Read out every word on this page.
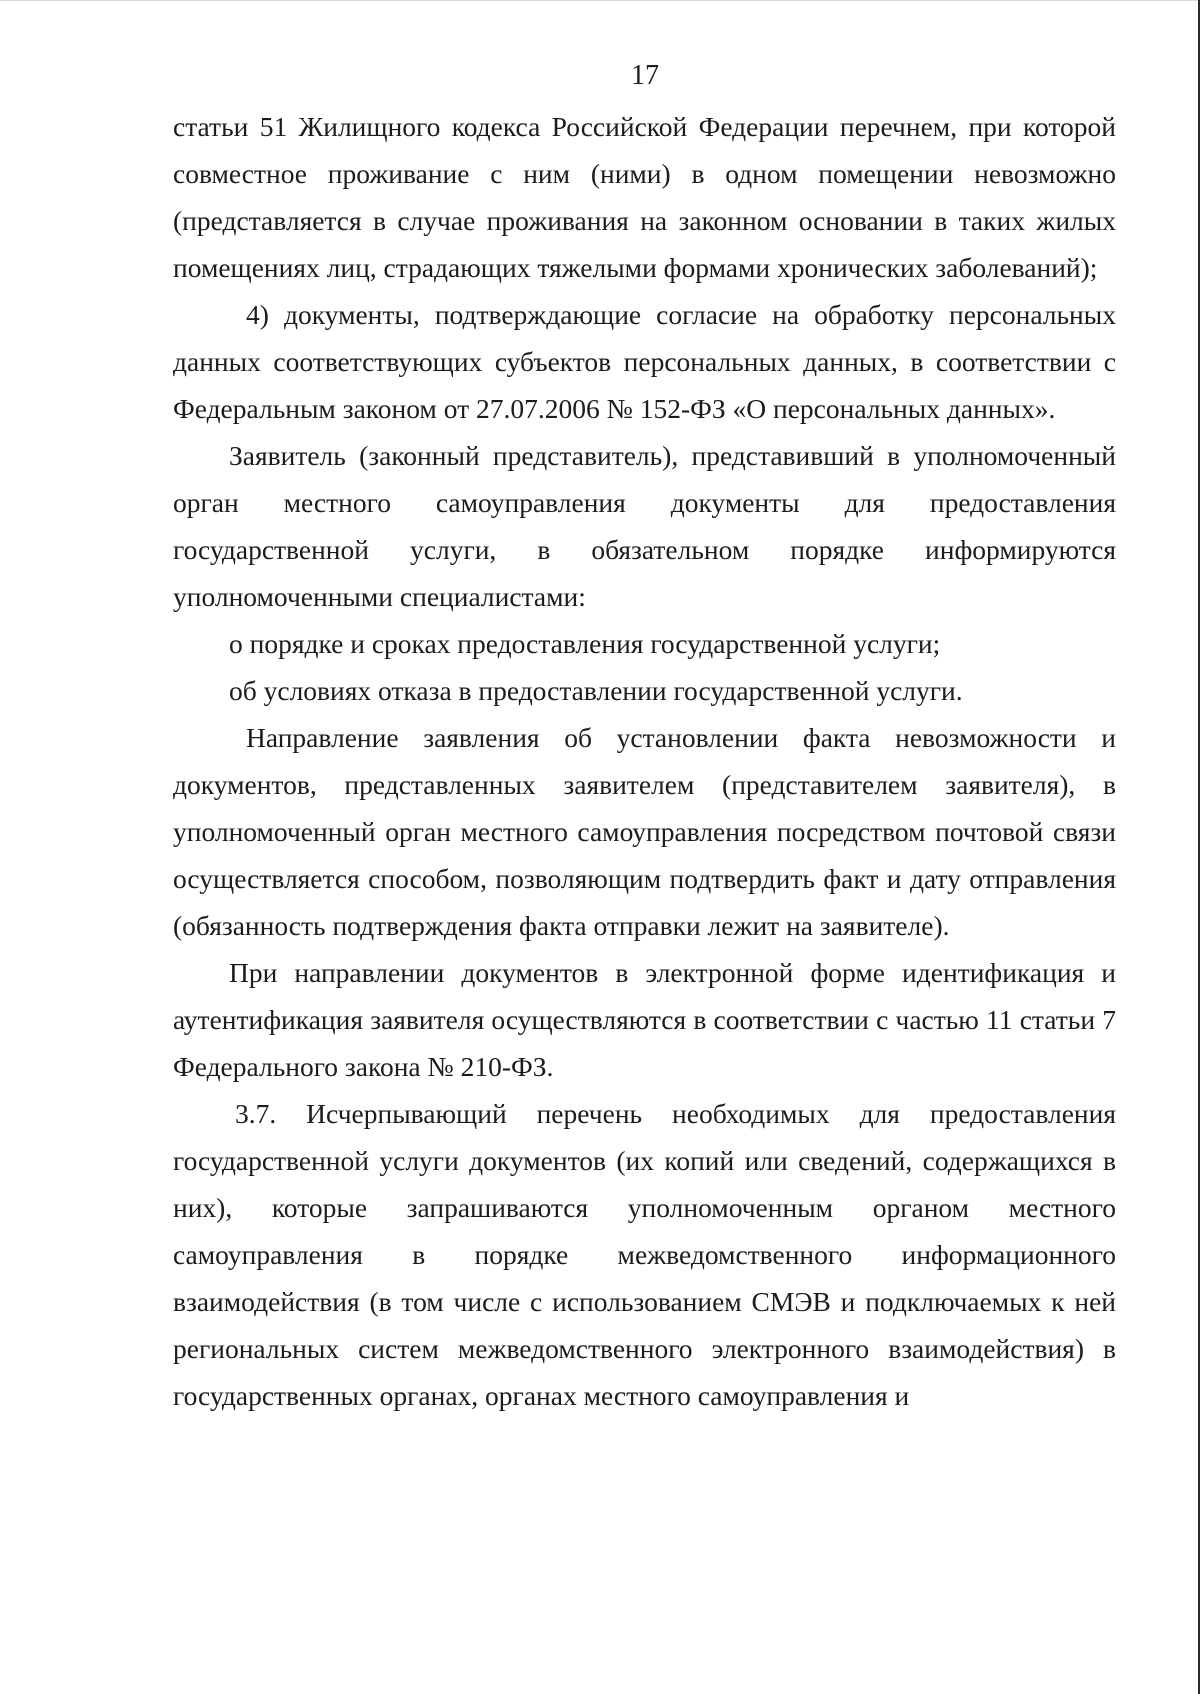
17

статьи 51 Жилищного кодекса Российской Федерации перечнем, при которой совместное проживание с ним (ними) в одном помещении невозможно (представляется в случае проживания на законном основании в таких жилых помещениях лиц, страдающих тяжелыми формами хронических заболеваний);

4) документы, подтверждающие согласие на обработку персональных данных соответствующих субъектов персональных данных, в соответствии с Федеральным законом от 27.07.2006 № 152-ФЗ «О персональных данных».

Заявитель (законный представитель), представивший в уполномоченный орган местного самоуправления документы для предоставления государственной услуги, в обязательном порядке информируются уполномоченными специалистами:

о порядке и сроках предоставления государственной услуги;

об условиях отказа в предоставлении государственной услуги.

Направление заявления об установлении факта невозможности и документов, представленных заявителем (представителем заявителя), в уполномоченный орган местного самоуправления посредством почтовой связи осуществляется способом, позволяющим подтвердить факт и дату отправления (обязанность подтверждения факта отправки лежит на заявителе).

При направлении документов в электронной форме идентификация и аутентификация заявителя осуществляются в соответствии с частью 11 статьи 7 Федерального закона № 210-ФЗ.

3.7. Исчерпывающий перечень необходимых для предоставления государственной услуги документов (их копий или сведений, содержащихся в них), которые запрашиваются уполномоченным органом местного самоуправления в порядке межведомственного информационного взаимодействия (в том числе с использованием СМЭВ и подключаемых к ней региональных систем межведомственного электронного взаимодействия) в государственных органах, органах местного самоуправления и
